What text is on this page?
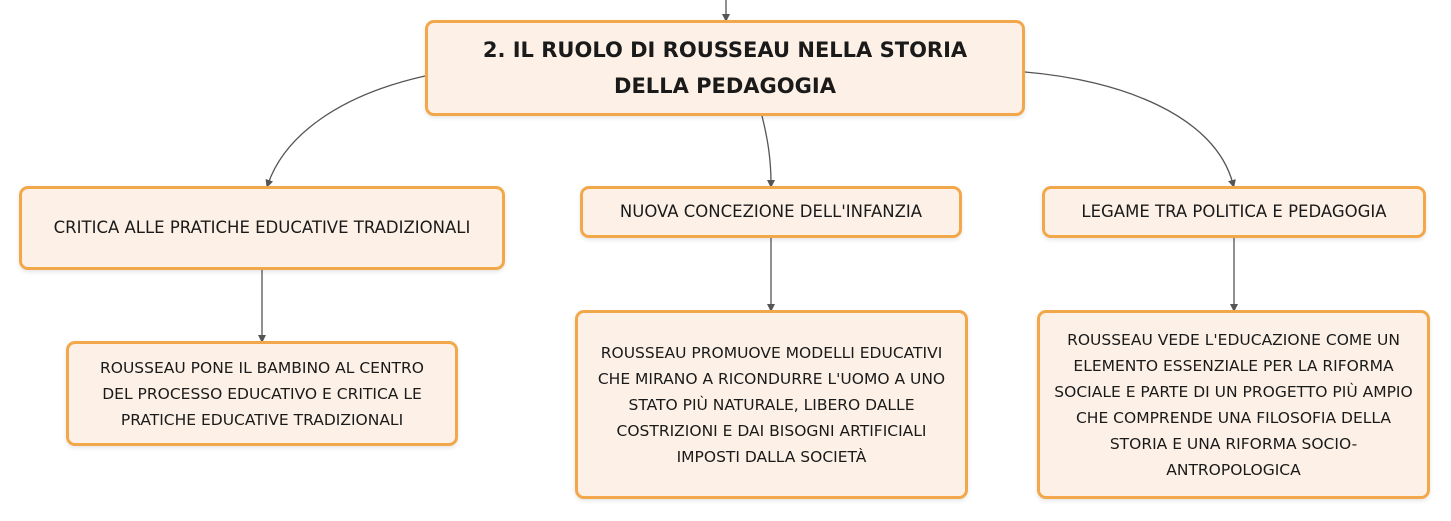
2. IL RUOLO DI ROUSSEAU NELLA STORIA DELLA PEDAGOGIA
CRITICA ALLE PRATICHE EDUCATIVE TRADIZIONALI
NUOVA CONCEZIONE DELL'INFANZIA	LEGAME TRA POLITICA E PEDAGOGIA
ROUSSEAU PONE IL BAMBINO AL CENTRO DEL PROCESSO EDUCATIVO E CRITICA LE PRATICHE EDUCATIVE TRADIZIONALI
ROUSSEAU PROMUOVE MODELLI EDUCATIVI CHE MIRANO A RICONDURRE L'UOMO A UNO STATO PIÙ NATURALE, LIBERO DALLE COSTRIZIONI E DAI BISOGNI ARTIFICIALI IMPOSTI DALLA SOCIETÀ
ROUSSEAU VEDE L'EDUCAZIONE COME UN ELEMENTO ESSENZIALE PER LA RIFORMA SOCIALE E PARTE DI UN PROGETTO PIÙ AMPIO CHE COMPRENDE UNA FILOSOFIA DELLA STORIA E UNA RIFORMA SOCIO-ANTROPOLOGICA
